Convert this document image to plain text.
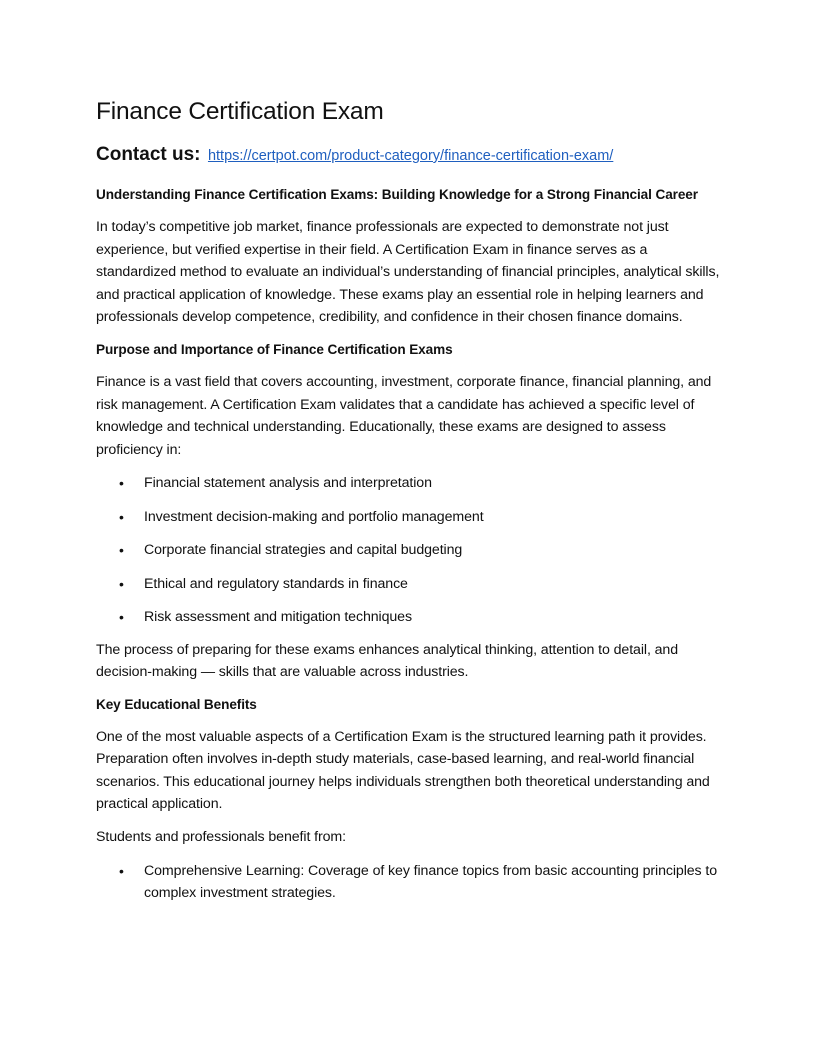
Finance Certification Exam
Contact us: https://certpot.com/product-category/finance-certification-exam/
Understanding Finance Certification Exams: Building Knowledge for a Strong Financial Career

In today’s competitive job market, finance professionals are expected to demonstrate not just experience, but verified expertise in their field. A Certification Exam in finance serves as a standardized method to evaluate an individual’s understanding of financial principles, analytical skills, and practical application of knowledge. These exams play an essential role in helping learners and professionals develop competence, credibility, and confidence in their chosen finance domains.

Purpose and Importance of Finance Certification Exams

Finance is a vast field that covers accounting, investment, corporate finance, financial planning, and risk management. A Certification Exam validates that a candidate has achieved a specific level of knowledge and technical understanding. Educationally, these exams are designed to assess proficiency in:

• Financial statement analysis and interpretation
• Investment decision-making and portfolio management
• Corporate financial strategies and capital budgeting
• Ethical and regulatory standards in finance
• Risk assessment and mitigation techniques

The process of preparing for these exams enhances analytical thinking, attention to detail, and decision-making — skills that are valuable across industries.

Key Educational Benefits

One of the most valuable aspects of a Certification Exam is the structured learning path it provides. Preparation often involves in-depth study materials, case-based learning, and real-world financial scenarios. This educational journey helps individuals strengthen both theoretical understanding and practical application.

Students and professionals benefit from:

• Comprehensive Learning: Coverage of key finance topics from basic accounting principles to complex investment strategies.
